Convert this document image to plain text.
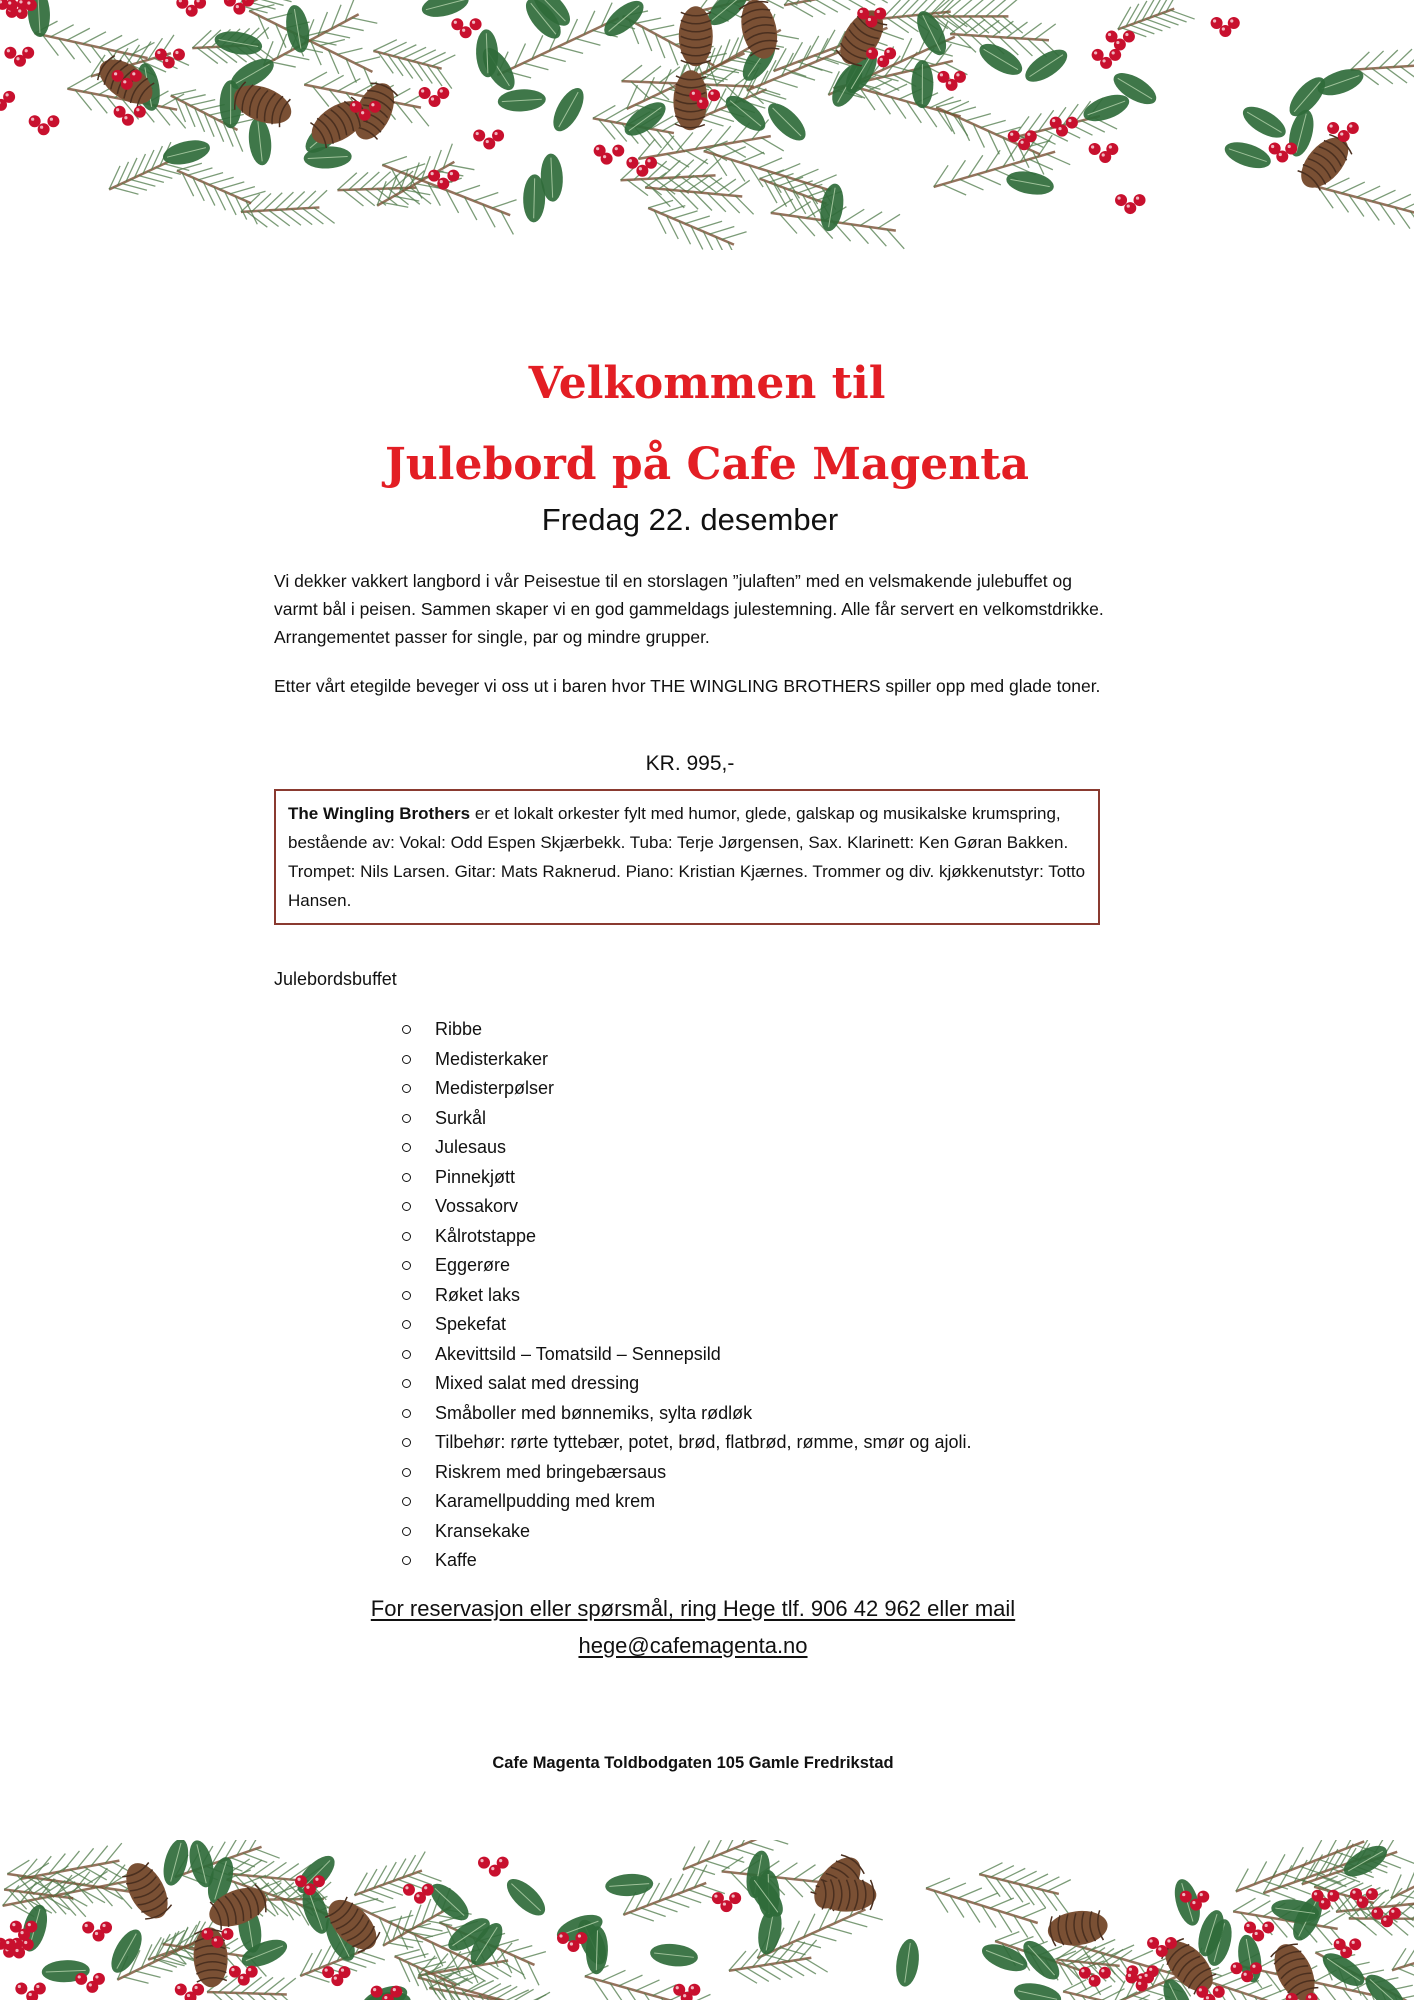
Velkommen til
Julebord på Cafe Magenta
Fredag 22. desember

Vi dekker vakkert langbord i vår Peisestue til en storslagen ”julaften” med en velsmakende julebuffet og varmt bål i peisen. Sammen skaper vi en god gammeldags julestemning. Alle får servert en velkomstdrikke. Arrangementet passer for single, par og mindre grupper.

Etter vårt etegilde beveger vi oss ut i baren hvor THE WINGLING BROTHERS spiller opp med glade toner.

KR. 995,-
The Wingling Brothers er et lokalt orkester fylt med humor, glede, galskap og musikalske krumspring, bestående av: Vokal: Odd Espen Skjærbekk. Tuba: Terje Jørgensen, Sax. Klarinett: Ken Gøran Bakken. Trompet: Nils Larsen. Gitar: Mats Raknerud. Piano: Kristian Kjærnes. Trommer og div. kjøkkenutstyr: Totto Hansen.
Julebordsbuffet
Ribbe
Medisterkaker
Medisterpølser
Surkål
Julesaus
Pinnekjøtt
Vossakorv
Kålrotstappe
Eggerøre
Røket laks
Spekefat
Akevittsild – Tomatsild – Sennepsild
Mixed salat med dressing
Småboller med bønnemiks, sylta rødløk
Tilbehør: rørte tyttebær, potet, brød, flatbrød, rømme, smør og ajoli.
Riskrem med bringebærsaus
Karamellpudding med krem
Kransekake
Kaffe
For reservasjon eller spørsmål, ring Hege tlf. 906 42 962 eller mail
hege@cafemagenta.no
Cafe Magenta Toldbodgaten 105 Gamle Fredrikstad
